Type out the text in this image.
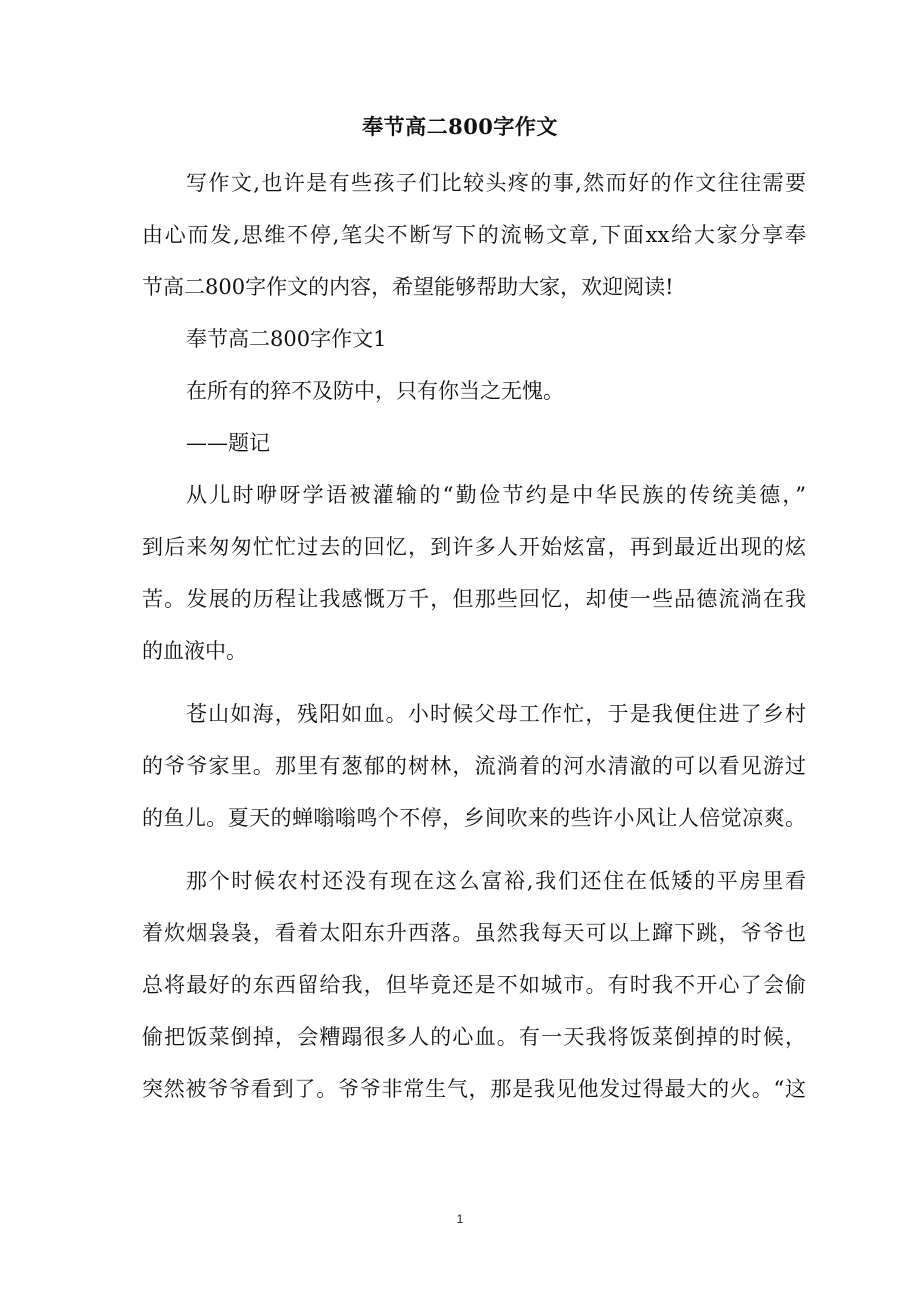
奉节高二800字作文
写作文,也许是有些孩子们比较头疼的事,然而好的作文往往需要
由心而发,思维不停,笔尖不断写下的流畅文章,下面xx给大家分享奉
节高二800字作文的内容，希望能够帮助大家，欢迎阅读!
奉节高二800字作文1
在所有的猝不及防中，只有你当之无愧。
——题记
从儿时咿呀学语被灌输的“勤俭节约是中华民族的传统美德，”
到后来匆匆忙忙过去的回忆，到许多人开始炫富，再到最近出现的炫
苦。发展的历程让我感慨万千，但那些回忆，却使一些品德流淌在我
的血液中。
苍山如海，残阳如血。小时候父母工作忙，于是我便住进了乡村
的爷爷家里。那里有葱郁的树林，流淌着的河水清澈的可以看见游过
的鱼儿。夏天的蝉嗡嗡鸣个不停，乡间吹来的些许小风让人倍觉凉爽。
那个时候农村还没有现在这么富裕,我们还住在低矮的平房里看
着炊烟袅袅，看着太阳东升西落。虽然我每天可以上蹿下跳，爷爷也
总将最好的东西留给我，但毕竟还是不如城市。有时我不开心了会偷
偷把饭菜倒掉，会糟蹋很多人的心血。有一天我将饭菜倒掉的时候，
突然被爷爷看到了。爷爷非常生气，那是我见他发过得最大的火。“这
1
